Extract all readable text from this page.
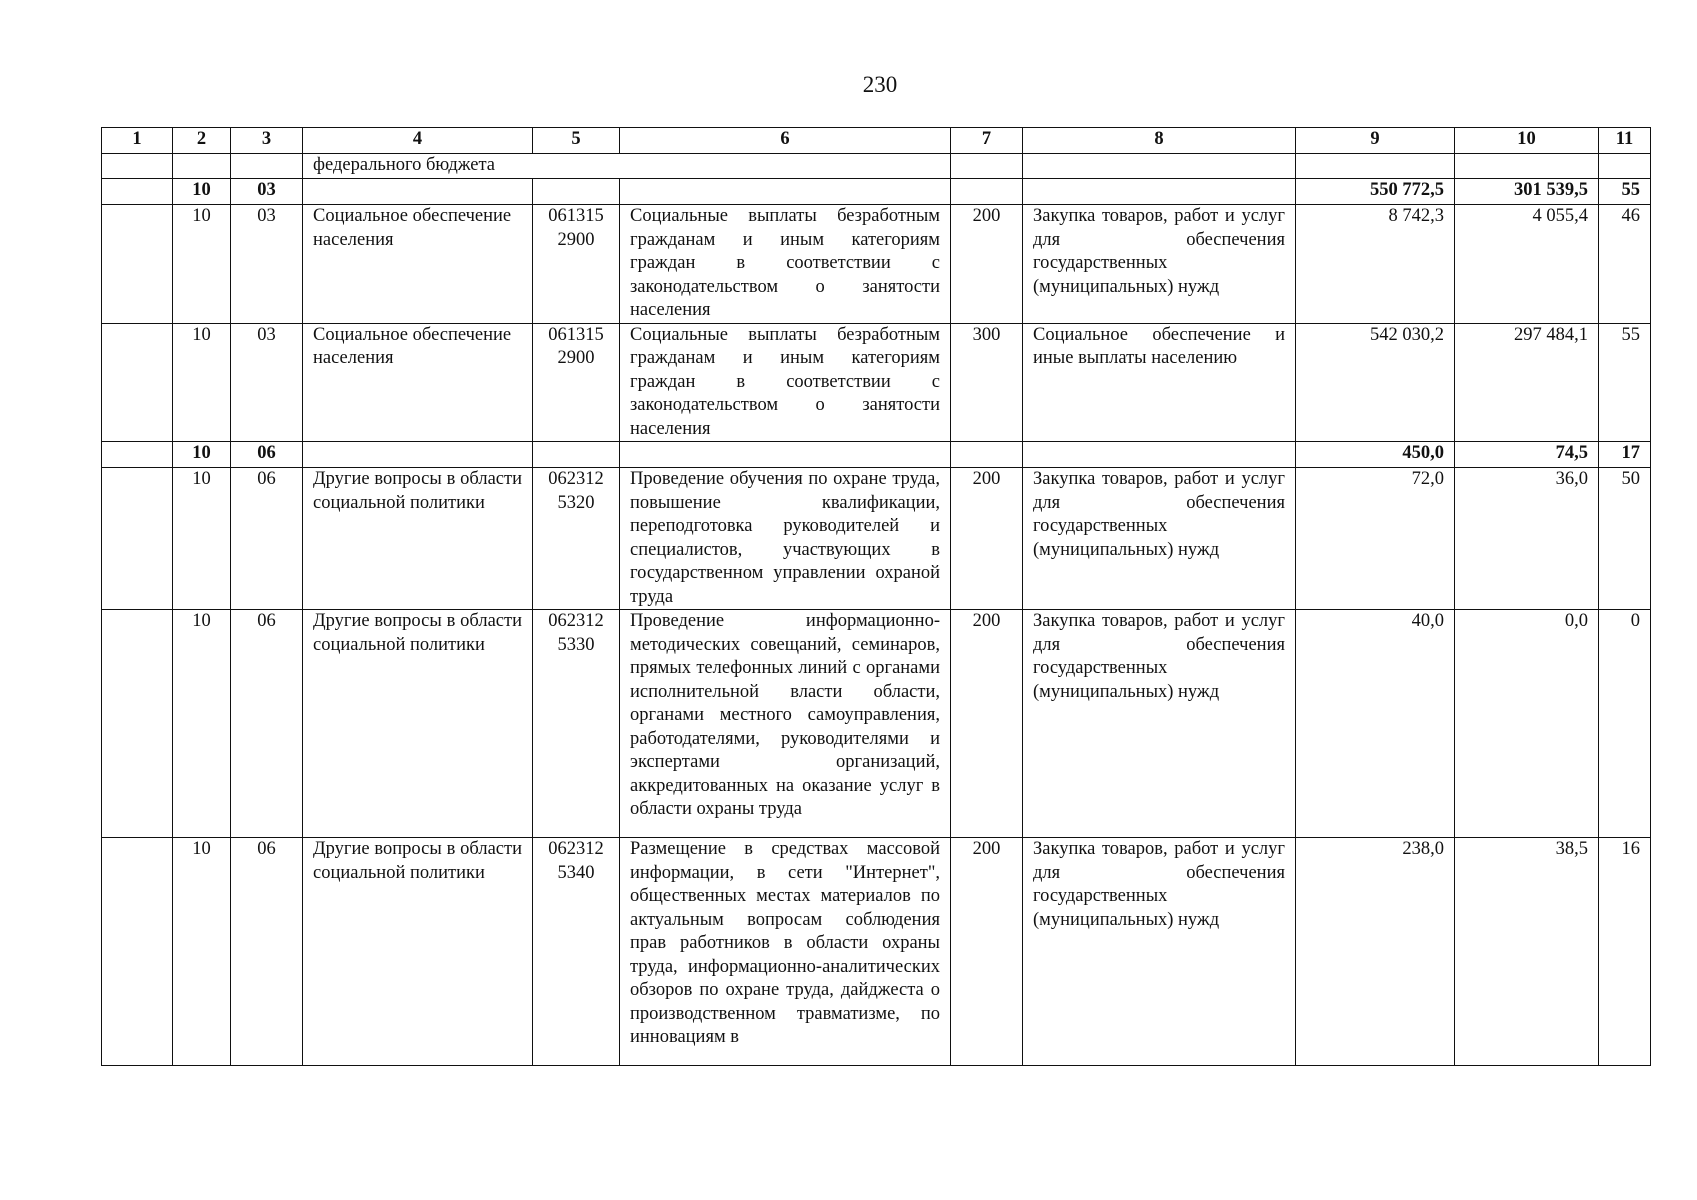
230
1	2	3	4	5	6	7	8	9	10	11
			федерального бюджета							
	10	03						550 772,5	301 539,5	55
	10	03	Социальное обеспечение населения	061315 2900	Социальные выплаты безработным гражданам и иным категориям граждан в соответствии с законодательством о занятости населения	200	Закупка товаров, работ и услуг для обеспечения государственных (муниципальных) нужд	8 742,3	4 055,4	46
	10	03	Социальное обеспечение населения	061315 2900	Социальные выплаты безработным гражданам и иным категориям граждан в соответствии с законодательством о занятости населения	300	Социальное обеспечение и иные выплаты населению	542 030,2	297 484,1	55
	10	06						450,0	74,5	17
	10	06	Другие вопросы в области социальной политики	062312 5320	Проведение обучения по охране труда, повышение квалификации, переподготовка руководителей и специалистов, участвующих в государственном управлении охраной труда	200	Закупка товаров, работ и услуг для обеспечения государственных (муниципальных) нужд	72,0	36,0	50
	10	06	Другие вопросы в области социальной политики	062312 5330	Проведение информационно-методических совещаний, семинаров, прямых телефонных линий с органами исполнительной власти области, органами местного самоуправления, работодателями, руководителями и экспертами организаций, аккредитованных на оказание услуг в области охраны труда	200	Закупка товаров, работ и услуг для обеспечения государственных (муниципальных) нужд	40,0	0,0	0
	10	06	Другие вопросы в области социальной политики	062312 5340	Размещение в средствах массовой информации, в сети "Интернет", общественных местах материалов по актуальным вопросам соблюдения прав работников в области охраны труда, информационно-аналитических обзоров по охране труда, дайджеста о производственном травматизме, по инновациям в	200	Закупка товаров, работ и услуг для обеспечения государственных (муниципальных) нужд	238,0	38,5	16
